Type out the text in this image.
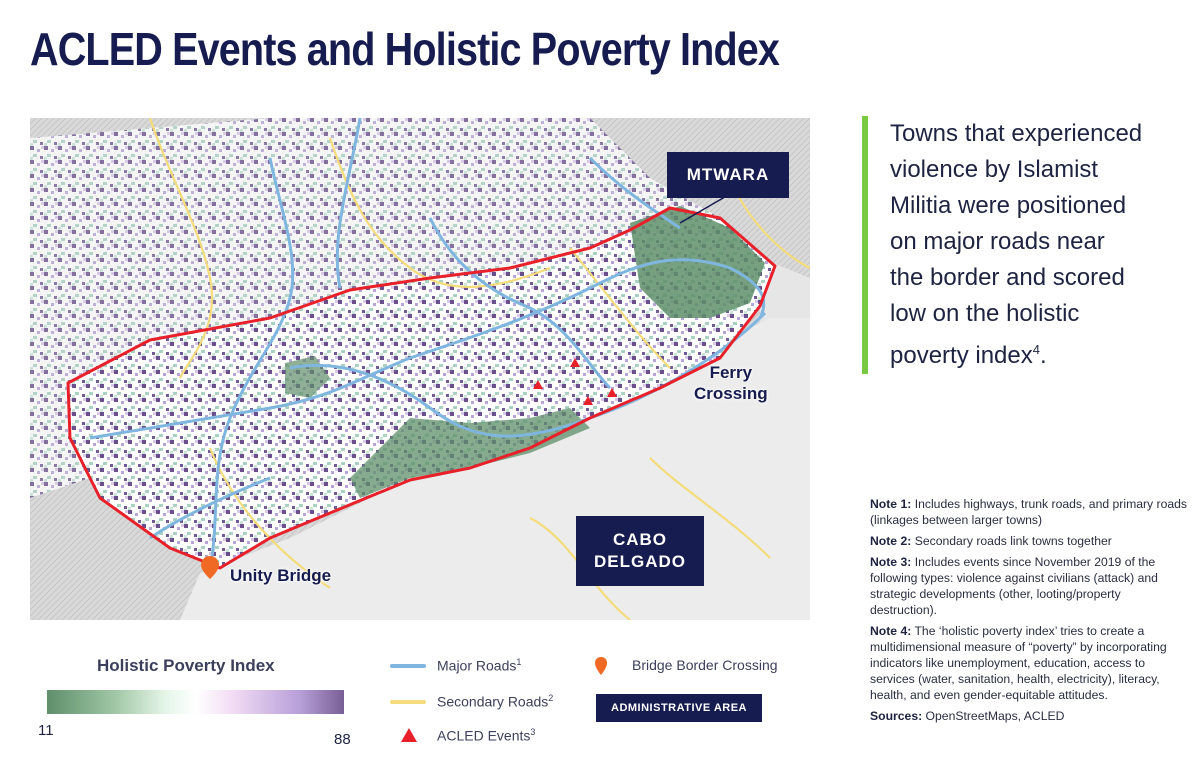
ACLED Events and Holistic Poverty Index
MTWARA
CABO
DELGADO
Ferry
Crossing
Unity Bridge

Towns that experienced
violence by Islamist
Militia were positioned
on major roads near
the border and scored
low on the holistic
poverty index$^4$.

Holistic Poverty Index
11
88
Major Roads$^1$
Secondary Roads$^2$
ACLED Events$^3$
Bridge Border Crossing
ADMINISTRATIVE AREA

Note 1: Includes highways, trunk roads, and primary roads (linkages between larger towns)

Note 2: Secondary roads link towns together

Note 3: Includes events since November 2019 of the following types: violence against civilians (attack) and strategic developments (other, looting/property destruction).

Note 4: The ‘holistic poverty index’ tries to create a multidimensional measure of “poverty” by incorporating indicators like unemployment, education, access to services (water, sanitation, health, electricity), literacy, health, and even gender-equitable attitudes.

Sources: OpenStreetMaps, ACLED
